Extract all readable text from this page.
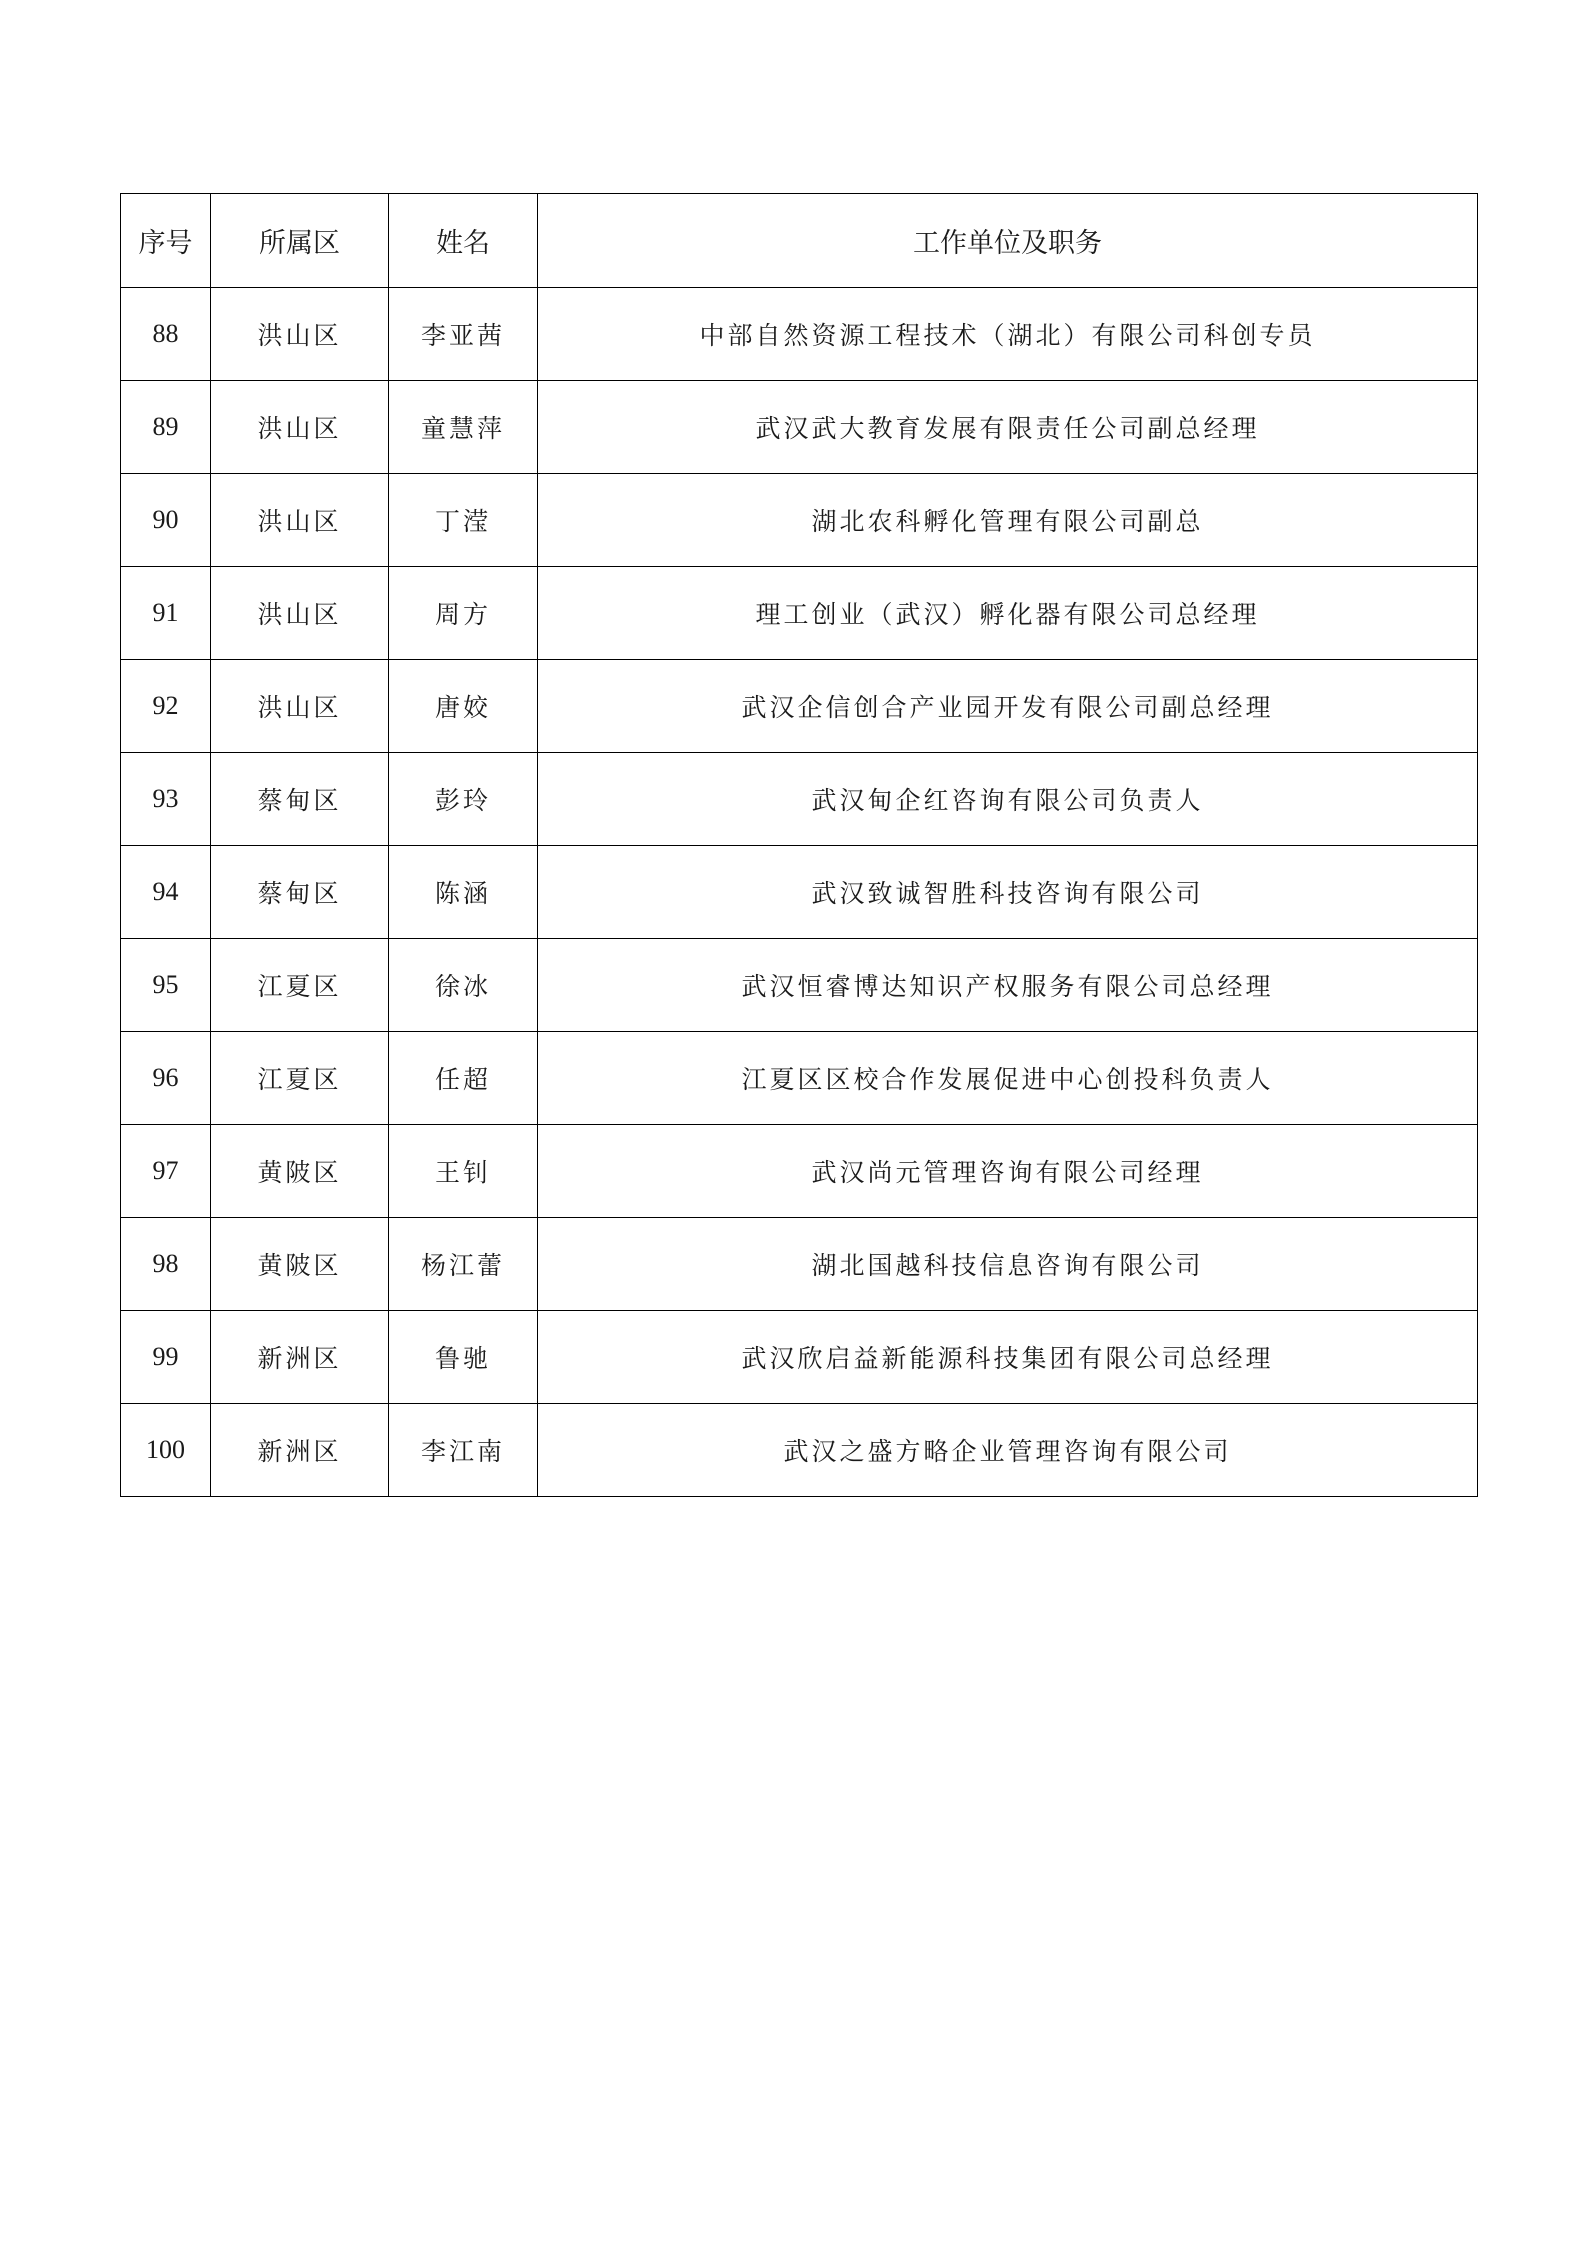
序号	所属区	姓名	工作单位及职务
88	洪山区	李亚茜	中部自然资源工程技术（湖北）有限公司科创专员
89	洪山区	童慧萍	武汉武大教育发展有限责任公司副总经理
90	洪山区	丁滢	湖北农科孵化管理有限公司副总
91	洪山区	周方	理工创业（武汉）孵化器有限公司总经理
92	洪山区	唐姣	武汉企信创合产业园开发有限公司副总经理
93	蔡甸区	彭玲	武汉甸企红咨询有限公司负责人
94	蔡甸区	陈涵	武汉致诚智胜科技咨询有限公司
95	江夏区	徐冰	武汉恒睿博达知识产权服务有限公司总经理
96	江夏区	任超	江夏区区校合作发展促进中心创投科负责人
97	黄陂区	王钊	武汉尚元管理咨询有限公司经理
98	黄陂区	杨江蕾	湖北国越科技信息咨询有限公司
99	新洲区	鲁驰	武汉欣启益新能源科技集团有限公司总经理
100	新洲区	李江南	武汉之盛方略企业管理咨询有限公司
